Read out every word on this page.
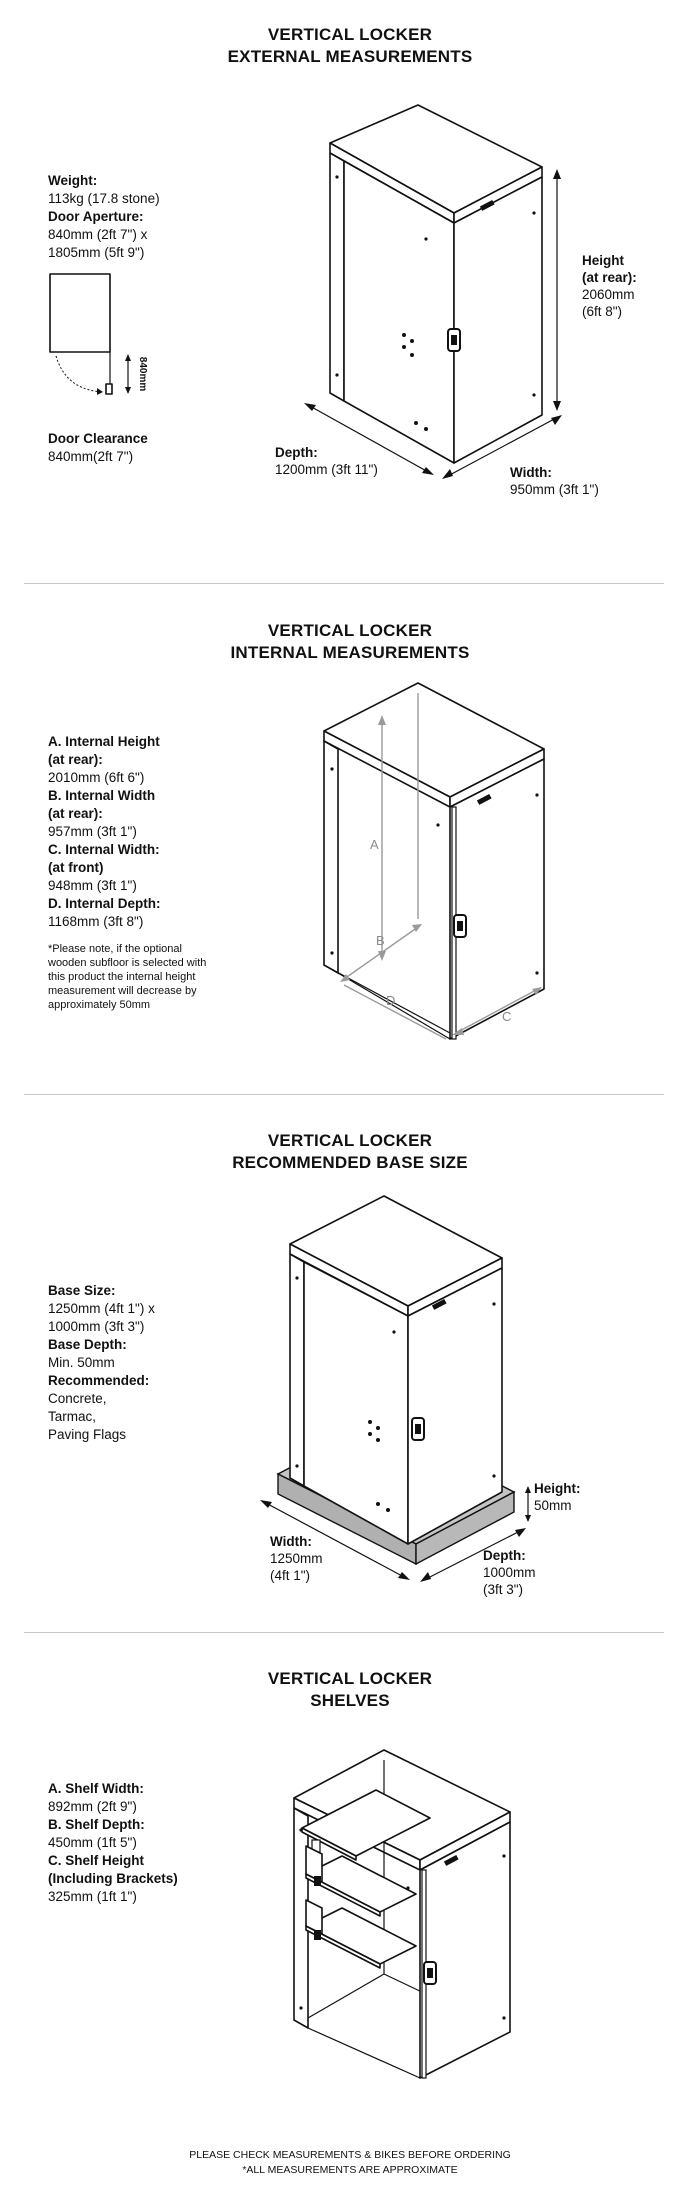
VERTICAL LOCKER
EXTERNAL MEASUREMENTS
Weight:
113kg (17.8 stone)
Door Aperture:
840mm (2ft 7") x
1805mm (5ft 9")
840mm
Door Clearance
840mm(2ft 7")
Height
(at rear):
2060mm
(6ft 8")
Depth:
1200mm (3ft 11")	Width:
950mm (3ft 1")
VERTICAL LOCKER
INTERNAL MEASUREMENTS
A. Internal Height
(at rear):
2010mm (6ft 6")
B. Internal Width
(at rear):
957mm (3ft 1")
C. Internal Width:
(at front)
948mm (3ft 1")
D. Internal Depth:
1168mm (3ft 8")
*Please note, if the optional wooden subfloor is selected with this product the internal height measurement will decrease by approximately 50mm
A
B
D
C
VERTICAL LOCKER
RECOMMENDED BASE SIZE
Base Size:
1250mm (4ft 1") x
1000mm (3ft 3")
Base Depth:
Min. 50mm
Recommended:
Concrete,
Tarmac,
Paving Flags
Height:
50mm
Width:
1250mm
(4ft 1")
Depth:
1000mm
(3ft 3")
VERTICAL LOCKER
SHELVES
A. Shelf Width:
892mm (2ft 9")
B. Shelf Depth:
450mm (1ft 5")
C. Shelf Height
(Including Brackets)
325mm (1ft 1")
PLEASE CHECK MEASUREMENTS & BIKES BEFORE ORDERING
*ALL MEASUREMENTS ARE APPROXIMATE
